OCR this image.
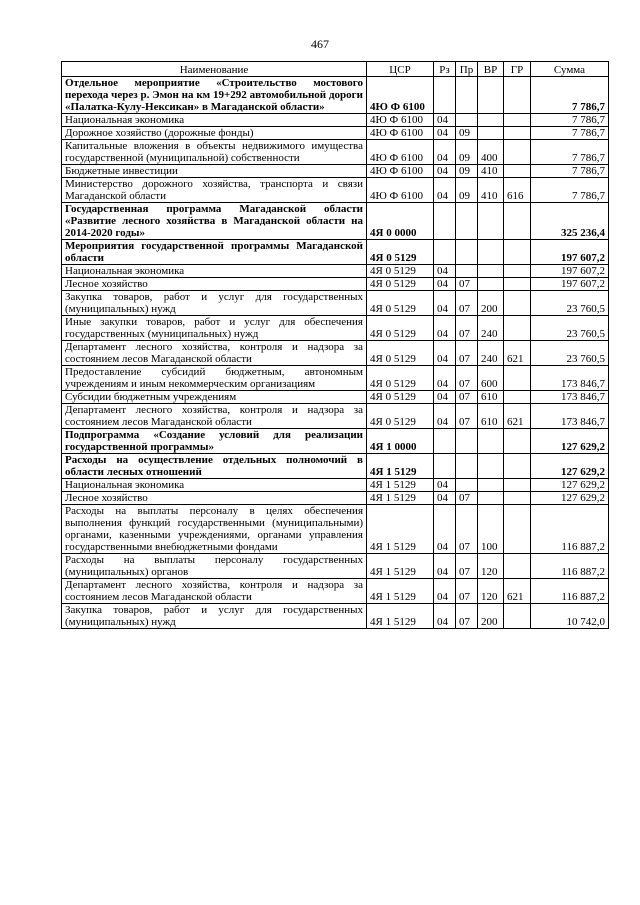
467
Наименование	ЦСР	Рз	Пр	ВР	ГР	Сумма
Отдельное мероприятие «Строительство мостового перехода через р. Эмон на км 19+292 автомобильной дороги «Палатка-Кулу-Нексикан» в Магаданской области»	4Ю Ф 6100					7 786,7
Национальная экономика	4Ю Ф 6100	04				7 786,7
Дорожное хозяйство (дорожные фонды)	4Ю Ф 6100	04	09			7 786,7
Капитальные вложения в объекты недвижимого имущества государственной (муниципальной) собственности	4Ю Ф 6100	04	09	400		7 786,7
Бюджетные инвестиции	4Ю Ф 6100	04	09	410		7 786,7
Министерство дорожного хозяйства, транспорта и связи Магаданской области	4Ю Ф 6100	04	09	410	616	7 786,7
Государственная программа Магаданской области «Развитие лесного хозяйства в Магаданской области на 2014-2020 годы»	4Я 0 0000					325 236,4
Мероприятия государственной программы Магаданской области	4Я 0 5129					197 607,2
Национальная экономика	4Я 0 5129	04				197 607,2
Лесное хозяйство	4Я 0 5129	04	07			197 607,2
Закупка товаров, работ и услуг для государственных (муниципальных) нужд	4Я 0 5129	04	07	200		23 760,5
Иные закупки товаров, работ и услуг для обеспечения государственных (муниципальных) нужд	4Я 0 5129	04	07	240		23 760,5
Департамент лесного хозяйства, контроля и надзора за состоянием лесов Магаданской области	4Я 0 5129	04	07	240	621	23 760,5
Предоставление субсидий бюджетным, автономным учреждениям и иным некоммерческим организациям	4Я 0 5129	04	07	600		173 846,7
Субсидии бюджетным учреждениям	4Я 0 5129	04	07	610		173 846,7
Департамент лесного хозяйства, контроля и надзора за состоянием лесов Магаданской области	4Я 0 5129	04	07	610	621	173 846,7
Подпрограмма «Создание условий для реализации государственной программы»	4Я 1 0000					127 629,2
Расходы на осуществление отдельных полномочий в области лесных отношений	4Я 1 5129					127 629,2
Национальная экономика	4Я 1 5129	04				127 629,2
Лесное хозяйство	4Я 1 5129	04	07			127 629,2
Расходы на выплаты персоналу в целях обеспечения выполнения функций государственными (муниципальными) органами, казенными учреждениями, органами управления государственными внебюджетными фондами	4Я 1 5129	04	07	100		116 887,2
Расходы на выплаты персоналу государственных (муниципальных) органов	4Я 1 5129	04	07	120		116 887,2
Департамент лесного хозяйства, контроля и надзора за состоянием лесов Магаданской области	4Я 1 5129	04	07	120	621	116 887,2
Закупка товаров, работ и услуг для государственных (муниципальных) нужд	4Я 1 5129	04	07	200		10 742,0
